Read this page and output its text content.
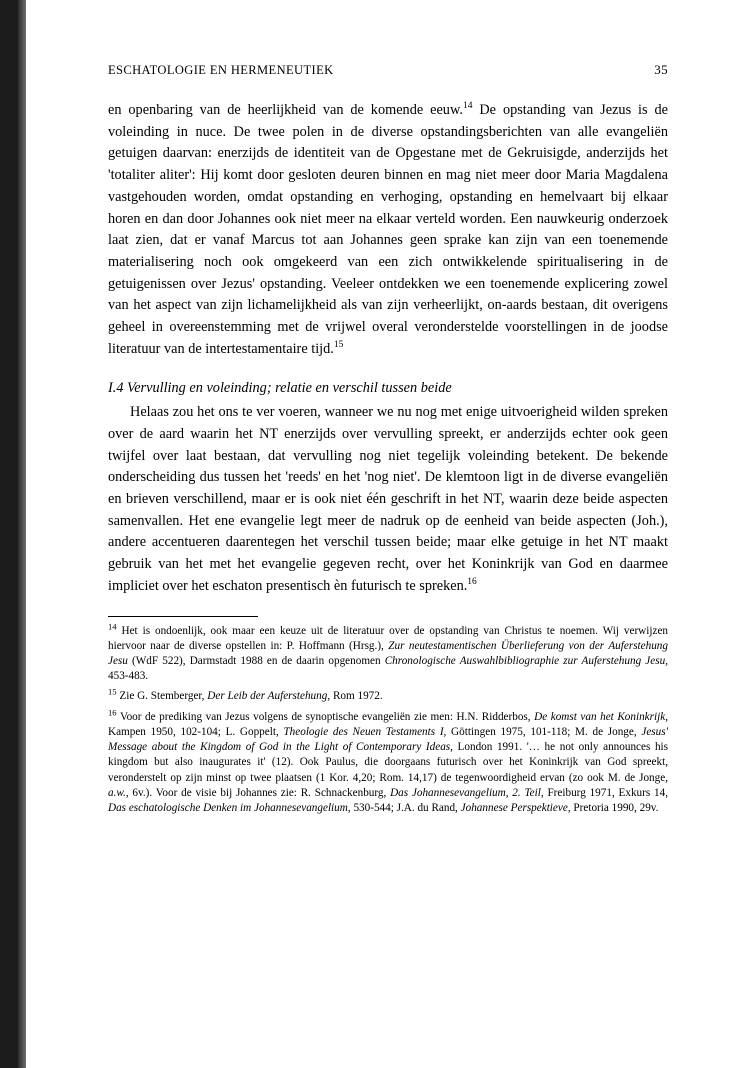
ESCHATOLOGIE EN HERMENEUTIEK	35

en openbaring van de heerlijkheid van de komende eeuw.$^{14}$ De opstanding van Jezus is de voleinding in nuce. De twee polen in de diverse opstandingsberichten van alle evangeliën getuigen daarvan: enerzijds de identiteit van de Opgestane met de Gekruisigde, anderzijds het 'totaliter aliter': Hij komt door gesloten deuren binnen en mag niet meer door Maria Magdalena vastgehouden worden, omdat opstanding en verhoging, opstanding en hemelvaart bij elkaar horen en dan door Johannes ook niet meer na elkaar verteld worden. Een nauwkeurig onderzoek laat zien, dat er vanaf Marcus tot aan Johannes geen sprake kan zijn van een toenemende materialisering noch ook omgekeerd van een zich ontwikkelende spiritualisering in de getuigenissen over Jezus' opstanding. Veeleer ontdekken we een toenemende explicering zowel van het aspect van zijn lichamelijkheid als van zijn verheerlijkt, on-aards bestaan, dit overigens geheel in overeenstemming met de vrijwel overal veronderstelde voorstellingen in de joodse literatuur van de intertestamentaire tijd.$^{15}$

I.4 Vervulling en voleinding; relatie en verschil tussen beide

Helaas zou het ons te ver voeren, wanneer we nu nog met enige uitvoerigheid wilden spreken over de aard waarin het NT enerzijds over vervulling spreekt, er anderzijds echter ook geen twijfel over laat bestaan, dat vervulling nog niet tegelijk voleinding betekent. De bekende onderscheiding dus tussen het 'reeds' en het 'nog niet'. De klemtoon ligt in de diverse evangeliën en brieven verschillend, maar er is ook niet één geschrift in het NT, waarin deze beide aspecten samenvallen. Het ene evangelie legt meer de nadruk op de eenheid van beide aspecten (Joh.), andere accentueren daarentegen het verschil tussen beide; maar elke getuige in het NT maakt gebruik van het met het evangelie gegeven recht, over het Koninkrijk van God en daarmee impliciet over het eschaton presentisch èn futurisch te spreken.$^{16}$

$^{14}$ Het is ondoenlijk, ook maar een keuze uit de literatuur over de opstanding van Christus te noemen. Wij verwijzen hiervoor naar de diverse opstellen in: P. Hoffmann (Hrsg.), Zur neutestamentischen Überlieferung von der Auferstehung Jesu (WdF 522), Darmstadt 1988 en de daarin opgenomen Chronologische Auswahlbibliographie zur Auferstehung Jesu, 453-483.

$^{15}$ Zie G. Stemberger, Der Leib der Auferstehung, Rom 1972.

$^{16}$ Voor de prediking van Jezus volgens de synoptische evangeliën zie men: H.N. Ridderbos, De komst van het Koninkrijk, Kampen 1950, 102-104; L. Goppelt, Theologie des Neuen Testaments I, Göttingen 1975, 101-118; M. de Jonge, Jesus' Message about the Kingdom of God in the Light of Contemporary Ideas, London 1991. '… he not only announces his kingdom but also inaugurates it' (12). Ook Paulus, die doorgaans futurisch over het Koninkrijk van God spreekt, veronderstelt op zijn minst op twee plaatsen (1 Kor. 4,20; Rom. 14,17) de tegenwoordigheid ervan (zo ook M. de Jonge, a.w., 6v.). Voor de visie bij Johannes zie: R. Schnackenburg, Das Johannesevangelium, 2. Teil, Freiburg 1971, Exkurs 14, Das eschatologische Denken im Johannesevangelium, 530-544; J.A. du Rand, Johannese Perspektieve, Pretoria 1990, 29v.
